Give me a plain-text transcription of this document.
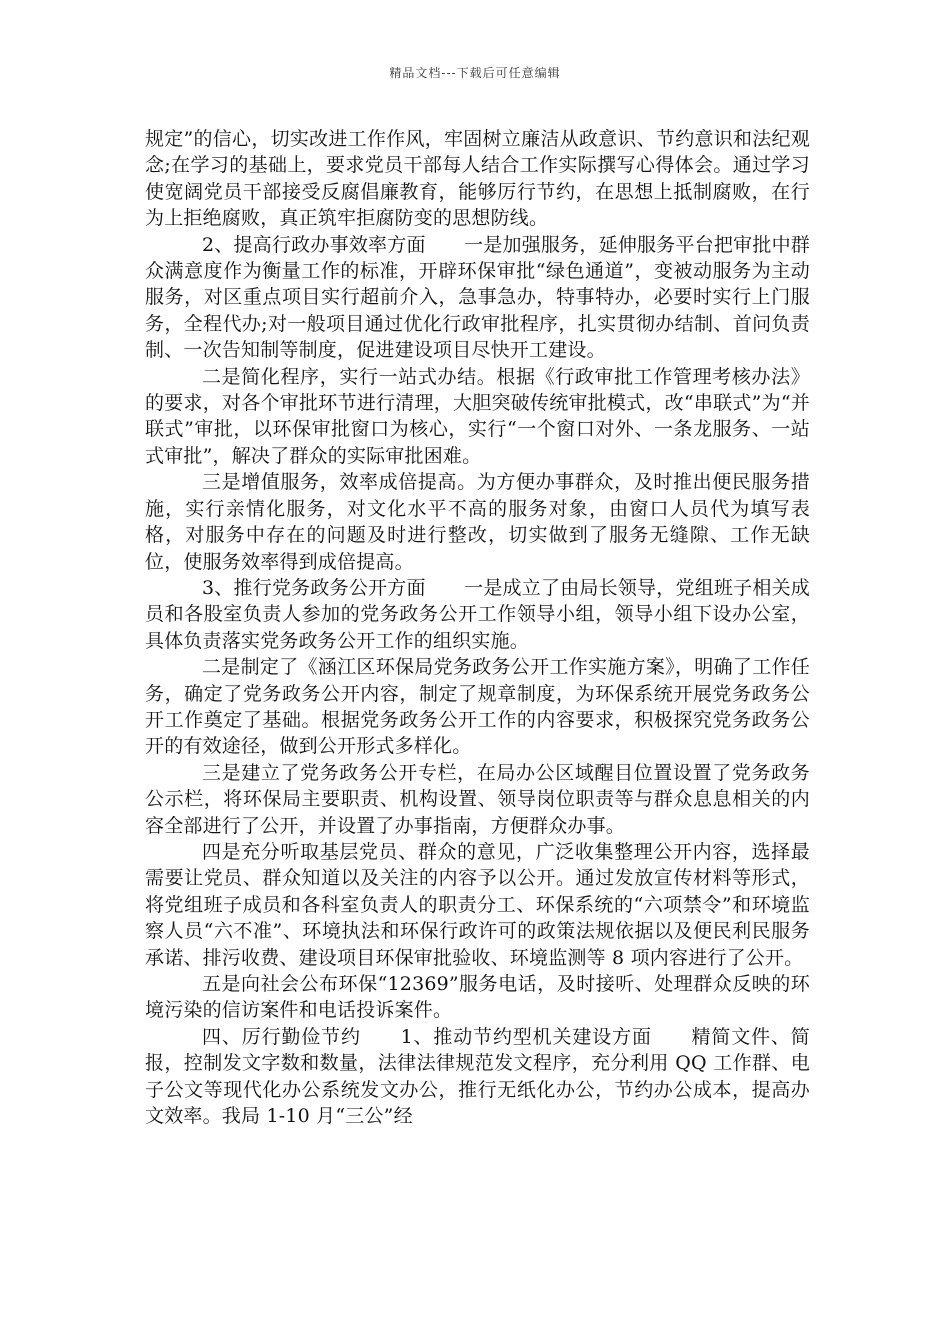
精品文档---下载后可任意编辑

规定”的信心，切实改进工作作风，牢固树立廉洁从政意识、节约意识和法纪观念;在学习的基础上，要求党员干部每人结合工作实际撰写心得体会。通过学习使宽阔党员干部接受反腐倡廉教育，能够厉行节约，在思想上抵制腐败，在行为上拒绝腐败，真正筑牢拒腐防变的思想防线。

2、提高行政办事效率方面　　一是加强服务，延伸服务平台把审批中群众满意度作为衡量工作的标准，开辟环保审批“绿色通道”，变被动服务为主动服务，对区重点项目实行超前介入，急事急办，特事特办，必要时实行上门服务，全程代办;对一般项目通过优化行政审批程序，扎实贯彻办结制、首问负责制、一次告知制等制度，促进建设项目尽快开工建设。

二是简化程序，实行一站式办结。根据《行政审批工作管理考核办法》的要求，对各个审批环节进行清理，大胆突破传统审批模式，改“串联式”为“并联式”审批，以环保审批窗口为核心，实行“一个窗口对外、一条龙服务、一站式审批”，解决了群众的实际审批困难。

三是增值服务，效率成倍提高。为方便办事群众，及时推出便民服务措施，实行亲情化服务，对文化水平不高的服务对象，由窗口人员代为填写表格，对服务中存在的问题及时进行整改，切实做到了服务无缝隙、工作无缺位，使服务效率得到成倍提高。

3、推行党务政务公开方面　　一是成立了由局长领导，党组班子相关成员和各股室负责人参加的党务政务公开工作领导小组，领导小组下设办公室，具体负责落实党务政务公开工作的组织实施。

二是制定了《涵江区环保局党务政务公开工作实施方案》，明确了工作任务，确定了党务政务公开内容，制定了规章制度，为环保系统开展党务政务公开工作奠定了基础。根据党务政务公开工作的内容要求，积极探究党务政务公开的有效途径，做到公开形式多样化。

三是建立了党务政务公开专栏，在局办公区域醒目位置设置了党务政务公示栏，将环保局主要职责、机构设置、领导岗位职责等与群众息息相关的内容全部进行了公开，并设置了办事指南，方便群众办事。

四是充分听取基层党员、群众的意见，广泛收集整理公开内容，选择最需要让党员、群众知道以及关注的内容予以公开。通过发放宣传材料等形式，将党组班子成员和各科室负责人的职责分工、环保系统的“六项禁令”和环境监察人员“六不准”、环境执法和环保行政许可的政策法规依据以及便民利民服务承诺、排污收费、建设项目环保审批验收、环境监测等 8 项内容进行了公开。

五是向社会公布环保“12369”服务电话，及时接听、处理群众反映的环境污染的信访案件和电话投诉案件。

四、厉行勤俭节约　　1、推动节约型机关建设方面　　精简文件、简报，控制发文字数和数量，法律法律规范发文程序，充分利用 QQ 工作群、电子公文等现代化办公系统发文办公，推行无纸化办公，节约办公成本，提高办文效率。我局 1-10 月“三公”经
